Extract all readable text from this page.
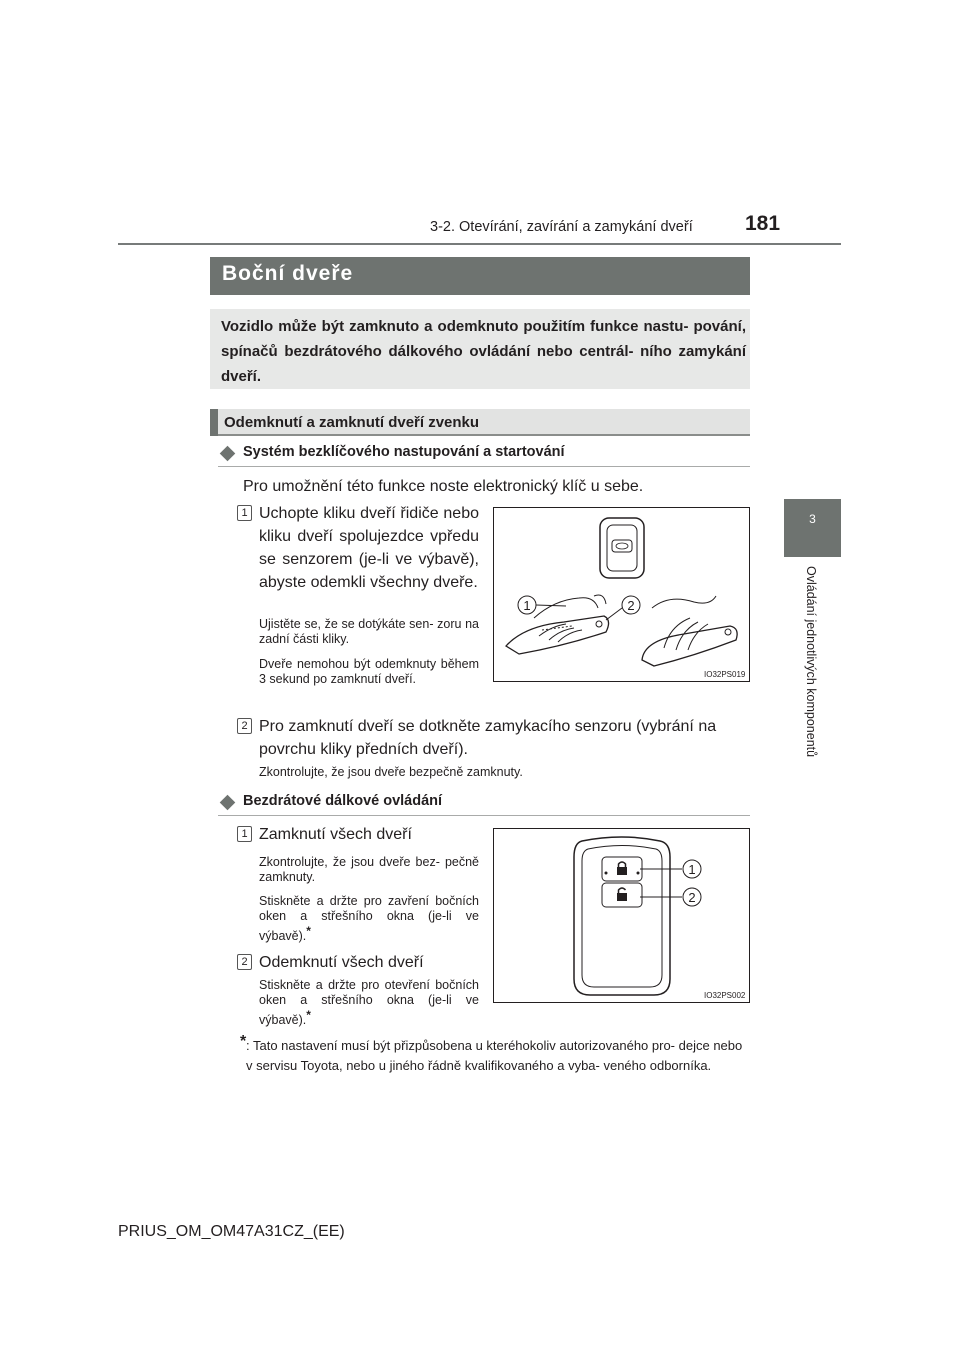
3-2. Otevírání, zavírání a zamykání dveří 181
3
Ovládání jednotlivých komponentů
Boční dveře
Vozidlo může být zamknuto a odemknuto použitím funkce nastu- pování, spínačů bezdrátového dálkového ovládání nebo centrál- ního zamykání dveří.
Odemknutí a zamknutí dveří zvenku
Systém bezklíčového nastupování a startování
Pro umožnění této funkce noste elektronický klíč u sebe.
1 Uchopte kliku dveří řidiče nebo kliku dveří spolujezdce vpředu se senzorem (je-li ve výbavě), abyste odemkli všechny dveře.
Ujistěte se, že se dotýkáte sen- zoru na zadní části kliky.
Dveře nemohou být odemknuty během 3 sekund po zamknutí dveří.
1	2
IO32PS019
2 Pro zamknutí dveří se dotkněte zamykacího senzoru (vybrání na povrchu kliky předních dveří).
Zkontrolujte, že jsou dveře bezpečně zamknuty.
Bezdrátové dálkové ovládání
1 Zamknutí všech dveří
Zkontrolujte, že jsou dveře bez- pečně zamknuty.
Stiskněte a držte pro zavření bočních oken a střešního okna (je-li ve výbavě).*
2 Odemknutí všech dveří
Stiskněte a držte pro otevření bočních oken a střešního okna (je-li ve výbavě).*
1
2
IO32PS002
* : Tato nastavení musí být přizpůsobena u kteréhokoliv autorizovaného pro- dejce nebo v servisu Toyota, nebo u jiného řádně kvalifikovaného a vyba- veného odborníka.
PRIUS_OM_OM47A31CZ_(EE)
